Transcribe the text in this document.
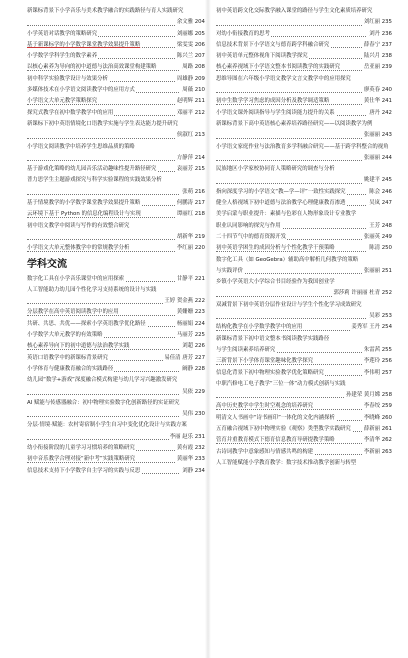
新课标背景下小学音乐与美术教学融合的实践路径与育人实践研究
余文雅 204
小学英语对话教学的策略研究	刘丽娜 205
基于新课标学的小学数学课堂教学效果提升策略	梁雯雯 206
小学数学学科学生的数学素养	陈兴兰 207
以核心素养为导向的初中道德与法治高效课堂构建策略	周路 208
初中科学实验教学设计与效果分析	周雄静 209
多媒体技术在小学语文阅读教学中的应用方式	周薇 210
小学语文大单元教学策略探究	赵明辉 211
探究式教学在初中数学教学中的应用	邓丽平 212
新课标下初中英语情境化口语教学实施与学生表达能力提升研究
侯淑红 213
小学语文阅读教学中培养学生思维品质的策略
方静萍 214
基于游戏化策略的幼儿园音乐活动趣味性提升路径研究	袁丽芳 215
普力思学生主题游戏探究与科学实验课程的实践效果分析
张萌 216
基于情境教学的小学数学课堂教学效果提升策略	何鹏涛 217
云环境下基于 Python 的信息化编程设计与实现	谭丽红 218
初中语文教学中阅读与写作的有效整合研究
胡新华 219
小学语文大单元整体教学中的常规教学分析	李红丽 220
学科交流
数字化工具在小学音乐课堂中的应用探索	甘静平 221
人工智能助力幼儿园个性化学习支持系统的设计与实践
王婷 贺金燕 222
分层教学在高中英语阅读教学中的应用	黄姗姗 223
共研、共思、共优——探索小学英语教学优化路径	杨丽娟 224
小学数学大单元教学的有效策略	马丽芳 225
核心素养导向下的初中道德与法治教学实践	刘超 226
英语口语教学中的新课标背景研究	易佳清 唐芳 227
小学体育与健康教育融合的实践路径	阚静 228
幼儿园“数学+游戏”深度融合模式构建与幼儿学习兴趣激发研究
吴依 229
AI 赋能与传感器融合：初中物理实验数字化创新路径的实证研究
吴伟 230
分层·情境·赋能：农村寄宿制小学生自习中变化优化设计与实践方案
李丽 赵乐 231
幼小衔接阶段的儿童学习习惯培养的策略研究	黄有霞 232
初中音乐教学合理对接“新中考”实践策略研究	黄丽华 233
信息技术支持下小学数学自主学习的实践与反思	刘静 234
初中英语跨文化交际教学融入课堂的路径与学生文化素质培养研究
刘红丽 235
对幼小衔接教育的思考	刘丹 236
信息技术背景下小学语文与德育跨学科融合研究	薛春宁 237
初中英语单元整体视角下阅读教学探究	陆兴月 238
核心素养视域下小学语文整本书阅读教学的实践研究	岳亚丽 239
思维导图在六年级小学语文教学文言文教学中的应用探究
廖英春 240
初中生数学学习焦虑的成因分析及教学调适策略	黄仕华 241
小学语文课外阅读指导与学生阅读能力提升的关系	唐丹 242
新课标背景下高中英语核心素养培养路径研究——以阅读教学为例
张丽丽 243
小学语文家庭作业与法治教育多学科融合研究——基于跨学科整合的视角
张丽丽 244
民族地区小学家校协同育人策略研究的调查与分析
姚建平 245
指向深度学习的小学语文“教—学—评”一致性实践探究	陈会 246
健全人格视域下初中道德与法治教学心理健康教育渗透	吴岚 247
美学启蒙与职业提升：素描与色彩在人物形象设计专业教学
职业认同影响的探究与作用	王芳 248
二十四节气中的德育资源开发	张丽英 249
初中英语学困生的成因分析与个性化教学干预策略	陈清 250
数字化工具（如 GeoGebra）辅助高中解析几何教学的策略
与实践评价	张丽丽 251
乡镇小学英语大小学综合书目经验作为我国创业学
郭莎莉 许丽丽 杜青 252
双减背景下初中英语分层作业设计与学生个性化学习成效研究
吴彩 253
结构化教学在小学数学教学中的应用	姜秀军 王丹 254
新课标背景下初中语文整本书阅读教学实践路径
与学生阅读素养培养研究	朱雷茜 255
三新背景下小学体育课堂趣味化教学探究	李莲玲 256
信息化背景下初中物理实验教学优化策略研究	李伟明 257
中职汽修电工电子教学“三位一体”动力模式创新与实践
孙建荣 黄月嫦 258
高中历史教学中学生时空观念的培养研究	李春绞 259
明清文人书画中“诗书画印”一体化的文化内涵探析	李晓峰 260
五育融合视域下初中物理实验《观察》类型教学实践研究 薛新丽 261
管育并重教育模式下德育信息教育导研提教学策略	李清华 262
古诗词教学中意象感知与情感共鸣的构建	李新丽 263
人工智能赋能小学教育教学：数字技术推动教学创新与转型
